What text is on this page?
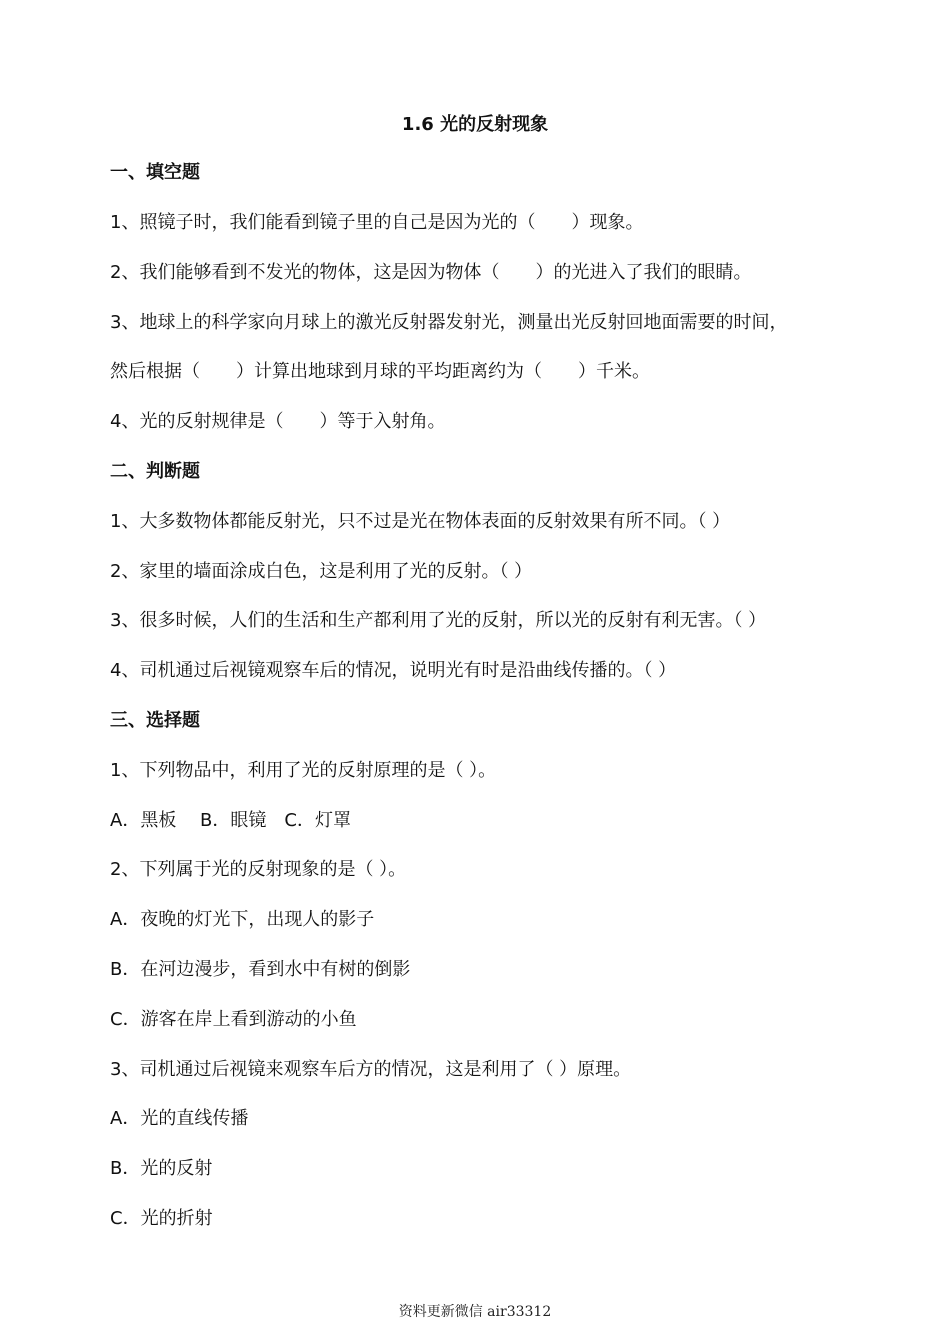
1.6 光的反射现象
一、填空题
1、照镜子时，我们能看到镜子里的自己是因为光的（　　）现象。
2、我们能够看到不发光的物体，这是因为物体（　　）的光进入了我们的眼睛。
3、地球上的科学家向月球上的激光反射器发射光，测量出光反射回地面需要的时间，
然后根据（　　）计算出地球到月球的平均距离约为（　　）千米。
4、光的反射规律是（　　）等于入射角。
二、判断题
1、大多数物体都能反射光，只不过是光在物体表面的反射效果有所不同。（ ）
2、家里的墙面涂成白色，这是利用了光的反射。（ ）
3、很多时候，人们的生活和生产都利用了光的反射，所以光的反射有利无害。（ ）
4、司机通过后视镜观察车后的情况，说明光有时是沿曲线传播的。（ ）
三、选择题
1、下列物品中，利用了光的反射原理的是（ ）。
A．黑板　 B．眼镜　C．灯罩
2、下列属于光的反射现象的是（ ）。
A．夜晚的灯光下，出现人的影子
B．在河边漫步，看到水中有树的倒影
C．游客在岸上看到游动的小鱼
3、司机通过后视镜来观察车后方的情况，这是利用了（ ）原理。
A．光的直线传播
B．光的反射
C．光的折射
资料更新微信 air33312
